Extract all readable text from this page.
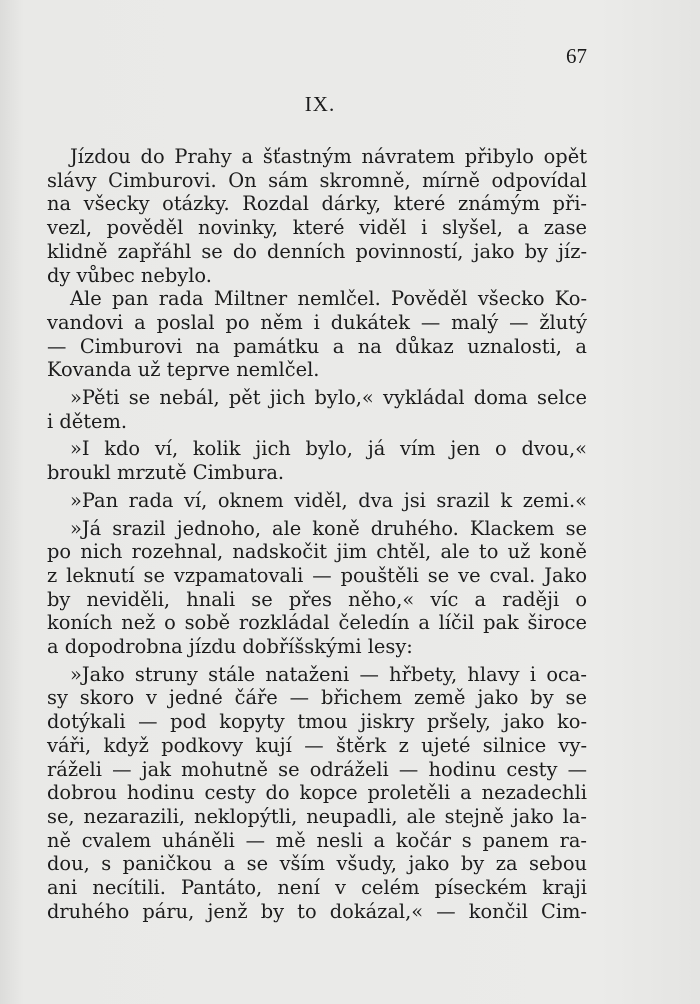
67
IX.
Jízdou do Prahy a šťastným návratem přibylo opět
slávy Cimburovi. On sám skromně, mírně odpovídal
na všecky otázky. Rozdal dárky, které známým při-
vezl, pověděl novinky, které viděl i slyšel, a zase
klidně zapřáhl se do denních povinností, jako by jíz-
dy vůbec nebylo.
Ale pan rada Miltner nemlčel. Pověděl všecko Ko-
vandovi a poslal po něm i dukátek — malý — žlutý
— Cimburovi na památku a na důkaz uznalosti, a
Kovanda už teprve nemlčel.
»Pěti se nebál, pět jich bylo,« vykládal doma selce
i dětem.
»I kdo ví, kolik jich bylo, já vím jen o dvou,«
broukl mrzutě Cimbura.
»Pan rada ví, oknem viděl, dva jsi srazil k zemi.«
»Já srazil jednoho, ale koně druhého. Klackem se
po nich rozehnal, nadskočit jim chtěl, ale to už koně
z leknutí se vzpamatovali — pouštěli se ve cval. Jako
by neviděli, hnali se přes něho,« víc a raději o
koních než o sobě rozkládal čeledín a líčil pak široce
a dopodrobna jízdu dobříšskými lesy:
»Jako struny stále nataženi — hřbety, hlavy i oca-
sy skoro v jedné čáře — břichem země jako by se
dotýkali — pod kopyty tmou jiskry pršely, jako ko-
váři, když podkovy kují — štěrk z ujeté silnice vy-
ráželi — jak mohutně se odráželi — hodinu cesty —
dobrou hodinu cesty do kopce proletěli a nezadechli
se, nezarazili, neklopýtli, neupadli, ale stejně jako la-
ně cvalem uháněli — mě nesli a kočár s panem ra-
dou, s paničkou a se vším všudy, jako by za sebou
ani necítili. Pantáto, není v celém píseckém kraji
druhého páru, jenž by to dokázal,« — končil Cim-
